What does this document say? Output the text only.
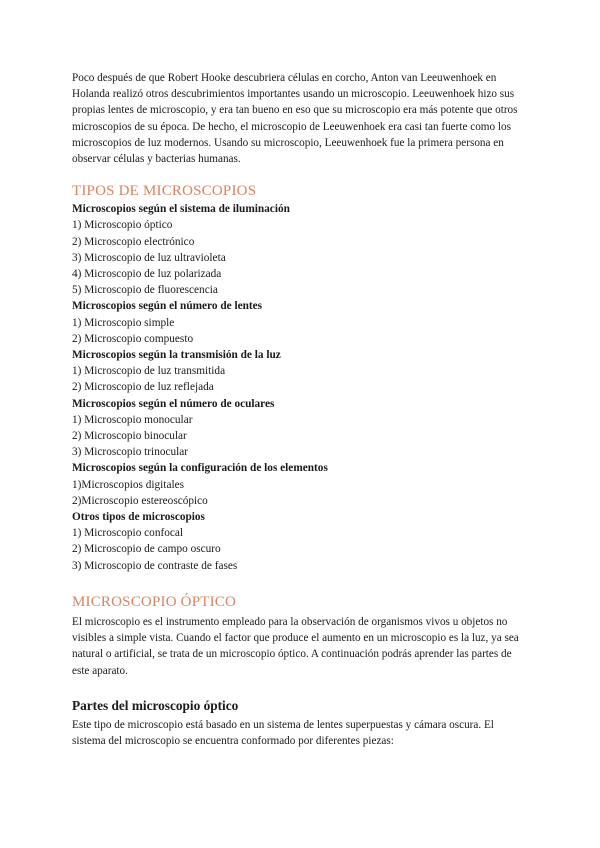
Poco después de que Robert Hooke descubriera células en corcho, Anton van Leeuwenhoek en Holanda realizó otros descubrimientos importantes usando un microscopio. Leeuwenhoek hizo sus propias lentes de microscopio, y era tan bueno en eso que su microscopio era más potente que otros microscopios de su época. De hecho, el microscopio de Leeuwenhoek era casi tan fuerte como los microscopios de luz modernos. Usando su microscopio, Leeuwenhoek fue la primera persona en observar células y bacterias humanas.

TIPOS DE MICROSCOPIOS
Microscopios según el sistema de iluminación
1) Microscopio óptico
2) Microscopio electrónico
3) Microscopio de luz ultravioleta
4) Microscopio de luz polarizada
5) Microscopio de fluorescencia
Microscopios según el número de lentes
1) Microscopio simple
2) Microscopio compuesto
Microscopios según la transmisión de la luz
1) Microscopio de luz transmitida
2) Microscopio de luz reflejada
Microscopios según el número de oculares
1) Microscopio monocular
2) Microscopio binocular
3) Microscopio trinocular
Microscopios según la configuración de los elementos
1)Microscopios digitales
2)Microscopio estereoscópico
Otros tipos de microscopios
1) Microscopio confocal
2) Microscopio de campo oscuro
3) Microscopio de contraste de fases
MICROSCOPIO ÓPTICO

El microscopio es el instrumento empleado para la observación de organismos vivos u objetos no visibles a simple vista. Cuando el factor que produce el aumento en un microscopio es la luz, ya sea natural o artificial, se trata de un microscopio óptico. A continuación podrás aprender las partes de este aparato.

Partes del microscopio óptico

Este tipo de microscopio está basado en un sistema de lentes superpuestas y cámara oscura. El sistema del microscopio se encuentra conformado por diferentes piezas:
